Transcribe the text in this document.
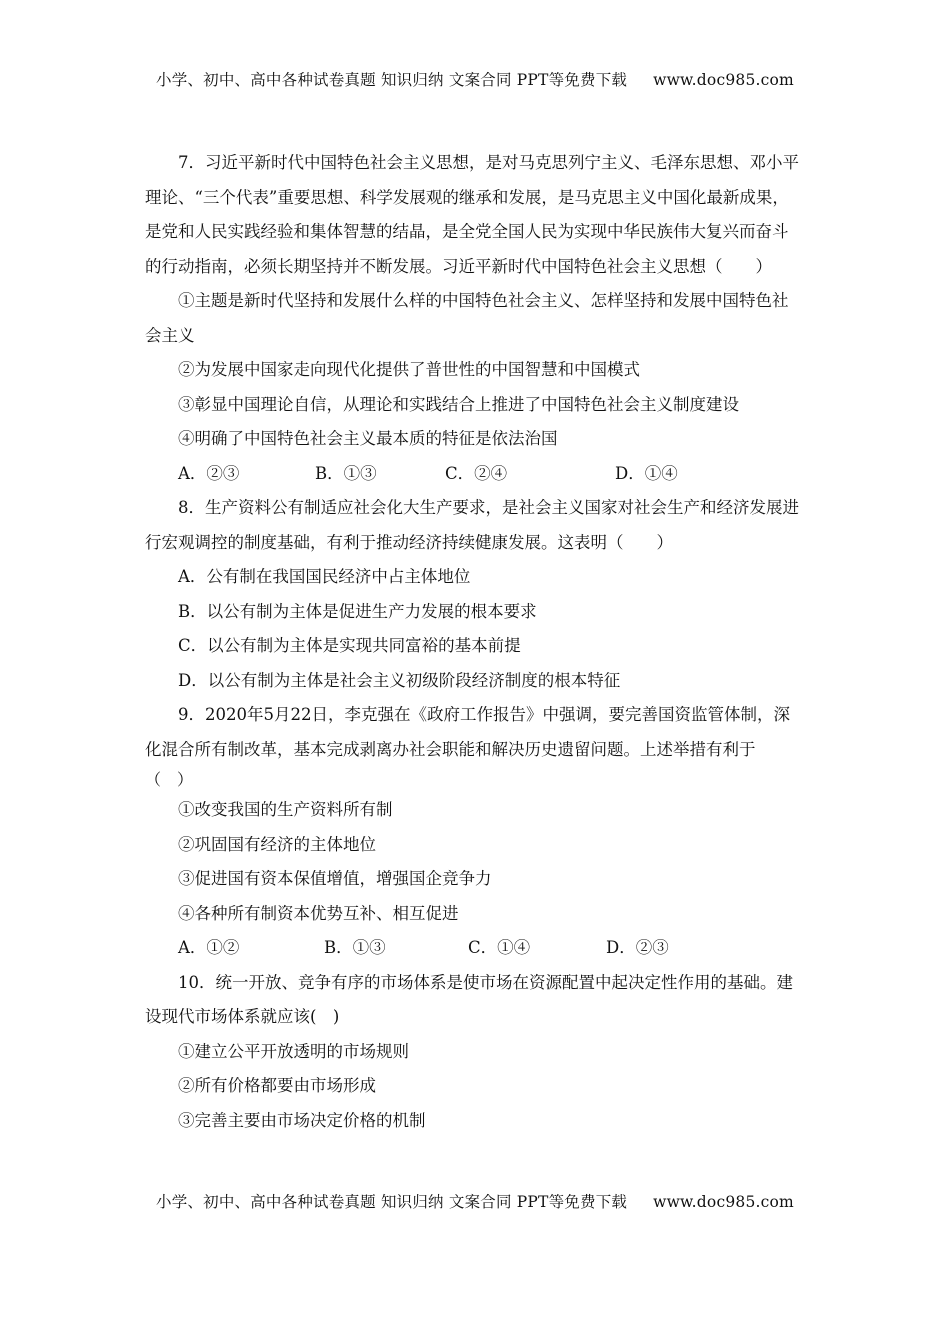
小学、初中、高中各种试卷真题 知识归纳 文案合同 PPT等免费下载 www.doc985.com

7．习近平新时代中国特色社会主义思想，是对马克思列宁主义、毛泽东思想、邓小平

理论、“三个代表”重要思想、科学发展观的继承和发展，是马克思主义中国化最新成果，

是党和人民实践经验和集体智慧的结晶，是全党全国人民为实现中华民族伟大复兴而奋斗

的行动指南，必须长期坚持并不断发展。习近平新时代中国特色社会主义思想（　　）

①主题是新时代坚持和发展什么样的中国特色社会主义、怎样坚持和发展中国特色社

会主义

②为发展中国家走向现代化提供了普世性的中国智慧和中国模式

③彰显中国理论自信，从理论和实践结合上推进了中国特色社会主义制度建设

④明确了中国特色社会主义最本质的特征是依法治国

A．②③	B．①③	C．②④	D．①④

8．生产资料公有制适应社会化大生产要求，是社会主义国家对社会生产和经济发展进

行宏观调控的制度基础，有利于推动经济持续健康发展。这表明（　　）

A．公有制在我国国民经济中占主体地位

B．以公有制为主体是促进生产力发展的根本要求

C．以公有制为主体是实现共同富裕的基本前提

D．以公有制为主体是社会主义初级阶段经济制度的根本特征

9．2020年5月22日，李克强在《政府工作报告》中强调，要完善国资监管体制，深

化混合所有制改革，基本完成剥离办社会职能和解决历史遗留问题。上述举措有利于

（　）

①改变我国的生产资料所有制

②巩固国有经济的主体地位

③促进国有资本保值增值，增强国企竞争力

④各种所有制资本优势互补、相互促进

A．①②	B．①③	C．①④	D．②③

10．统一开放、竞争有序的市场体系是使市场在资源配置中起决定性作用的基础。建

设现代市场体系就应该(　)

①建立公平开放透明的市场规则

②所有价格都要由市场形成

③完善主要由市场决定价格的机制

小学、初中、高中各种试卷真题 知识归纳 文案合同 PPT等免费下载 www.doc985.com
